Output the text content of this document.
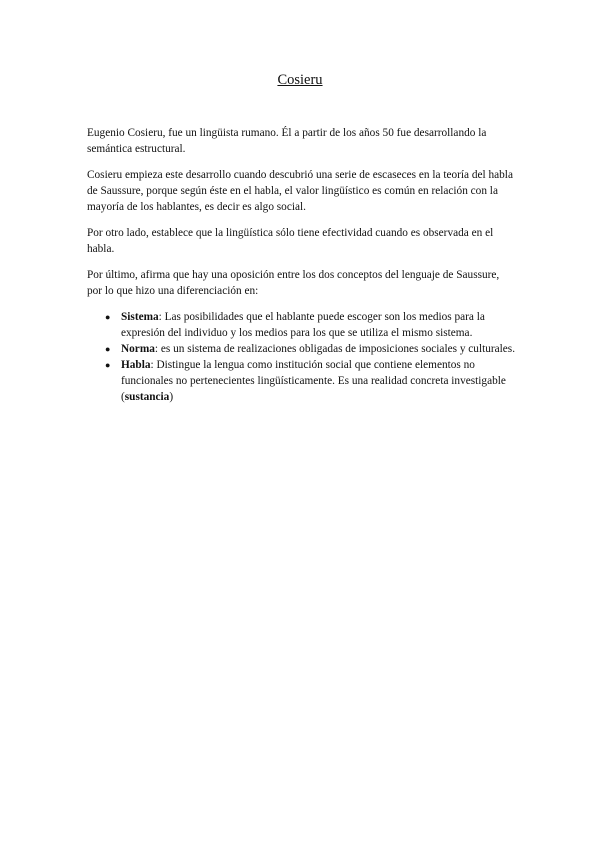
Cosieru

Eugenio Cosieru, fue un lingüista rumano. Él a partir de los años 50 fue desarrollando la semántica estructural.

Cosieru empieza este desarrollo cuando descubrió una serie de escaseces en la teoría del habla de Saussure, porque según éste en el habla, el valor lingüístico es común en relación con la mayoría de los hablantes, es decir es algo social.

Por otro lado, establece que la lingüística sólo tiene efectividad cuando es observada en el habla.

Por último, afirma que hay una oposición entre los dos conceptos del lenguaje de Saussure, por lo que hizo una diferenciación en:

● Sistema: Las posibilidades que el hablante puede escoger son los medios para la expresión del individuo y los medios para los que se utiliza el mismo sistema.
● Norma: es un sistema de realizaciones obligadas de imposiciones sociales y culturales.
● Habla: Distingue la lengua como institución social que contiene elementos no funcionales no pertenecientes lingüísticamente. Es una realidad concreta investigable (sustancia)
